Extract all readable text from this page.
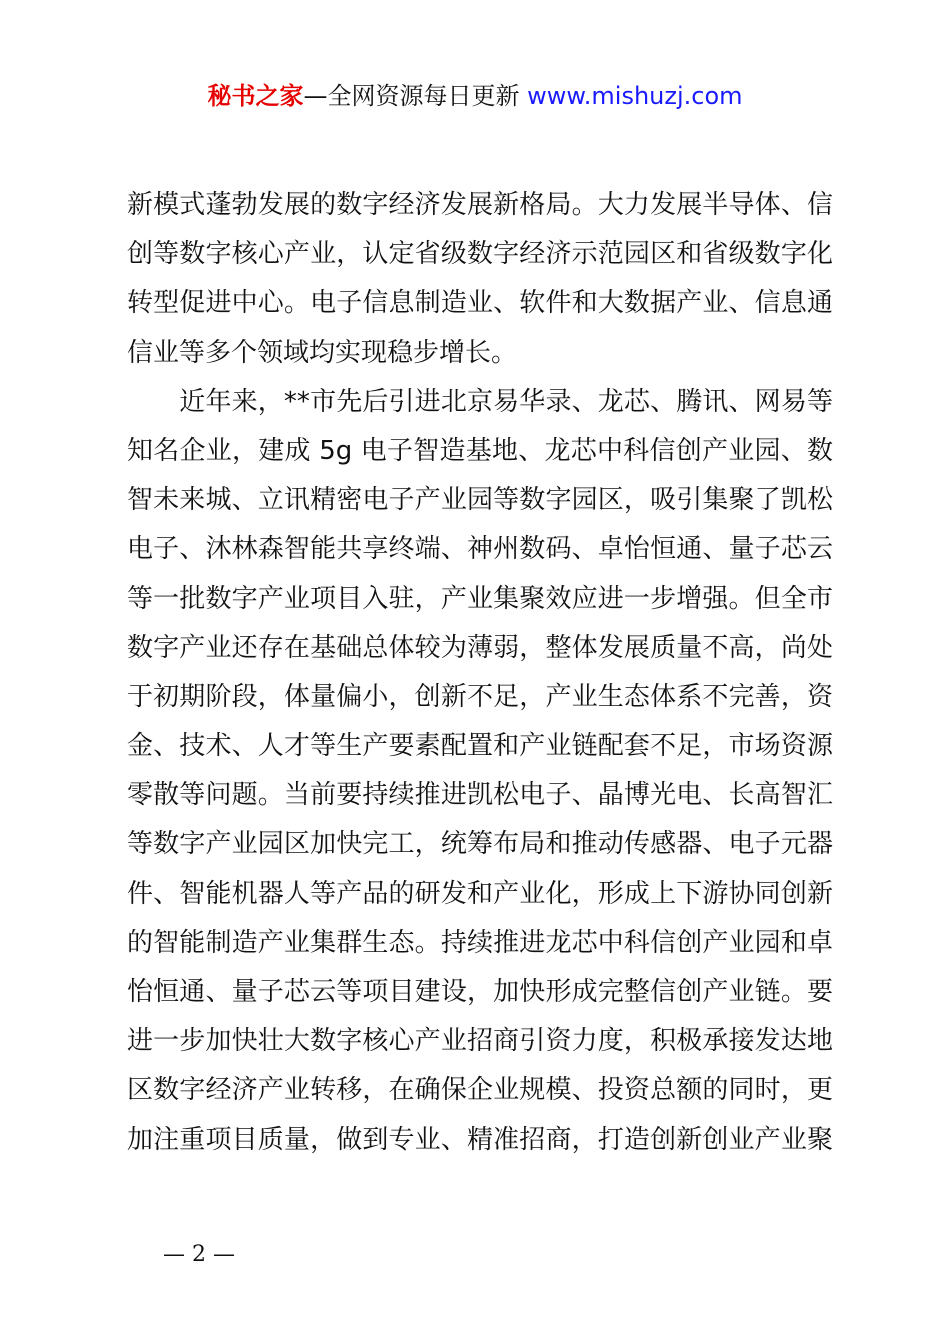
秘书之家—全网资源每日更新 www.mishuzj.com
新模式蓬勃发展的数字经济发展新格局。大力发展半导体、信
创等数字核心产业，认定省级数字经济示范园区和省级数字化
转型促进中心。电子信息制造业、软件和大数据产业、信息通
信业等多个领域均实现稳步增长。
　　近年来，**市先后引进北京易华录、龙芯、腾讯、网易等
知名企业，建成 5g 电子智造基地、龙芯中科信创产业园、数
智未来城、立讯精密电子产业园等数字园区，吸引集聚了凯松
电子、沐林森智能共享终端、神州数码、卓怡恒通、量子芯云
等一批数字产业项目入驻，产业集聚效应进一步增强。但全市
数字产业还存在基础总体较为薄弱，整体发展质量不高，尚处
于初期阶段，体量偏小，创新不足，产业生态体系不完善，资
金、技术、人才等生产要素配置和产业链配套不足，市场资源
零散等问题。当前要持续推进凯松电子、晶博光电、长高智汇
等数字产业园区加快完工，统筹布局和推动传感器、电子元器
件、智能机器人等产品的研发和产业化，形成上下游协同创新
的智能制造产业集群生态。持续推进龙芯中科信创产业园和卓
怡恒通、量子芯云等项目建设，加快形成完整信创产业链。要
进一步加快壮大数字核心产业招商引资力度，积极承接发达地
区数字经济产业转移，在确保企业规模、投资总额的同时，更
加注重项目质量，做到专业、精准招商，打造创新创业产业聚
— 2 —
